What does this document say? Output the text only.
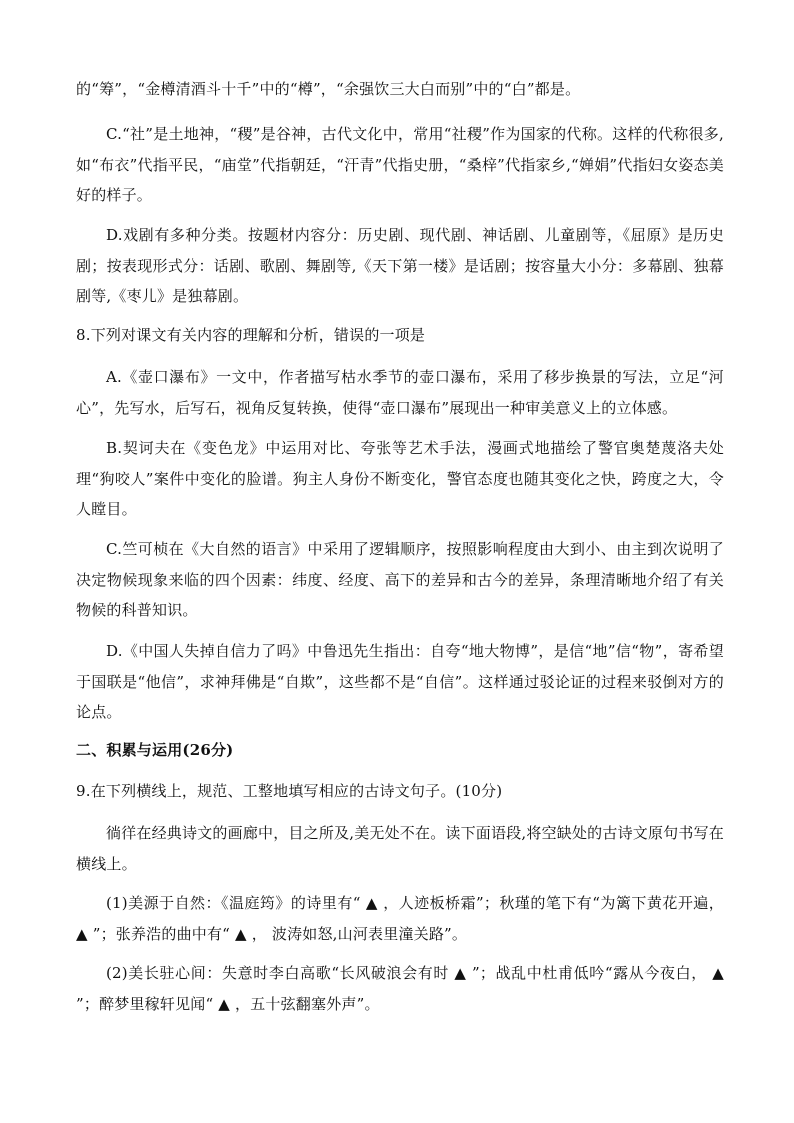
的“筹”，“金樽清酒斗十千”中的“樽”，“余强饮三大白而别”中的“白”都是。

C.“社”是土地神，“稷”是谷神，古代文化中，常用“社稷”作为国家的代称。这样的代称很多,如“布衣”代指平民，“庙堂”代指朝廷，“汗青”代指史册，“桑梓”代指家乡,“婵娟”代指妇女姿态美好的样子。

D.戏剧有多种分类。按题材内容分：历史剧、现代剧、神话剧、儿童剧等，《屈原》是历史剧；按表现形式分：话剧、歌剧、舞剧等,《天下第一楼》是话剧；按容量大小分：多幕剧、独幕剧等,《枣儿》是独幕剧。

8.下列对课文有关内容的理解和分析，错误的一项是

A.《壶口瀑布》一文中，作者描写枯水季节的壶口瀑布，采用了移步换景的写法，立足“河心”，先写水，后写石，视角反复转换，使得“壶口瀑布”展现出一种审美意义上的立体感。

B.契诃夫在《变色龙》中运用对比、夸张等艺术手法，漫画式地描绘了警官奥楚蔑洛夫处理“狗咬人”案件中变化的脸谱。狗主人身份不断变化，警官态度也随其变化之快，跨度之大，令人瞠目。

C.竺可桢在《大自然的语言》中采用了逻辑顺序，按照影响程度由大到小、由主到次说明了决定物候现象来临的四个因素：纬度、经度、高下的差异和古今的差异，条理清晰地介绍了有关物候的科普知识。

D.《中国人失掉自信力了吗》中鲁迅先生指出：自夸“地大物博”，是信“地”信“物”，寄希望于国联是“他信”，求神拜佛是“自欺”，这些都不是“自信”。这样通过驳论证的过程来驳倒对方的论点。

二、积累与运用(26分)

9.在下列横线上，规范、工整地填写相应的古诗文句子。(10分)

徜徉在经典诗文的画廊中，目之所及,美无处不在。读下面语段,将空缺处的古诗文原句书写在横线上。

(1)美源于自然：《温庭筠》的诗里有“ ▲ ，人迹板桥霜”；秋瑾的笔下有“为篱下黄花开遍， ▲ ”；张养浩的曲中有“ ▲ ， 波涛如怒,山河表里潼关路”。

(2)美长驻心间：失意时李白高歌“长风破浪会有时 ▲ ”；战乱中杜甫低吟“露从今夜白， ▲ ”；醉梦里稼轩见闻“ ▲ ，五十弦翻塞外声”。
